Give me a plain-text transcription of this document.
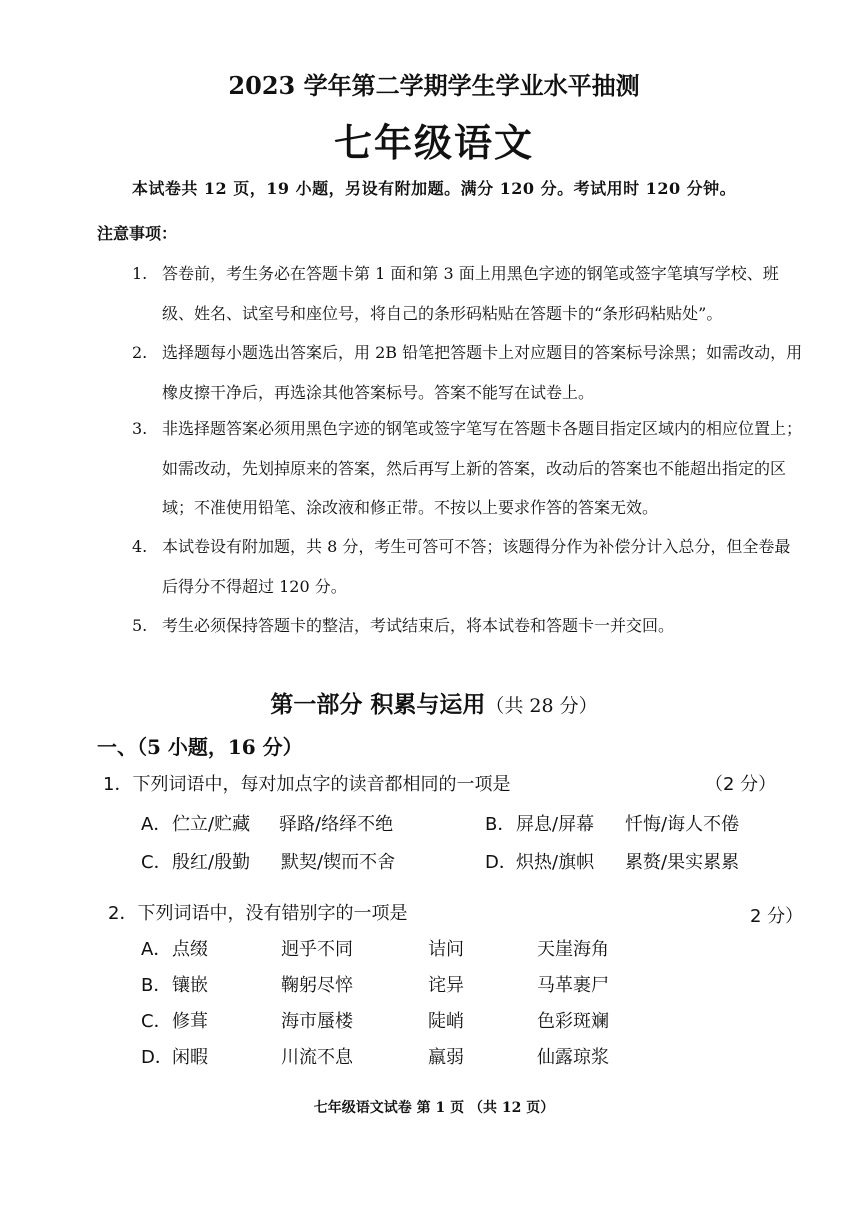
2023 学年第二学期学生学业水平抽测
七年级语文
本试卷共 12 页，19 小题，另设有附加题。满分 120 分。考试用时 120 分钟。
注意事项：
1. 答卷前，考生务必在答题卡第 1 面和第 3 面上用黑色字迹的钢笔或签字笔填写学校、班级、姓名、试室号和座位号，将自己的条形码粘贴在答题卡的“条形码粘贴处”。
2. 选择题每小题选出答案后，用 2B 铅笔把答题卡上对应题目的答案标号涂黑；如需改动，用橡皮擦干净后，再选涂其他答案标号。答案不能写在试卷上。
3. 非选择题答案必须用黑色字迹的钢笔或签字笔写在答题卡各题目指定区域内的相应位置上；如需改动，先划掉原来的答案，然后再写上新的答案，改动后的答案也不能超出指定的区域；不准使用铅笔、涂改液和修正带。不按以上要求作答的答案无效。
4. 本试卷设有附加题，共 8 分，考生可答可不答；该题得分作为补偿分计入总分，但全卷最后得分不得超过 120 分。
5. 考生必须保持答题卡的整洁，考试结束后，将本试卷和答题卡一并交回。
第一部分 积累与运用（共 28 分）
一、（5 小题，16 分）
1．下列词语中，每对加点字的读音都相同的一项是	（2 分）
A． 伫立/贮藏 驿路/络绎不绝	B． 屏息/屏幕 忏悔/诲人不倦
C． 殷红/殷勤 默契/锲而不舍	D． 炽热/旗帜 累赘/果实累累
2．下列词语中，没有错别字的一项是	2 分）
A． 点缀	迥乎不同	诘问	天崖海角
B． 镶嵌	鞠躬尽悴	诧异	马革裹尸
C． 修葺	海市蜃楼	陡峭	色彩斑斓
D． 闲暇	川流不息	羸弱	仙露琼浆
七年级语文试卷 第 1 页 （共 12 页）
